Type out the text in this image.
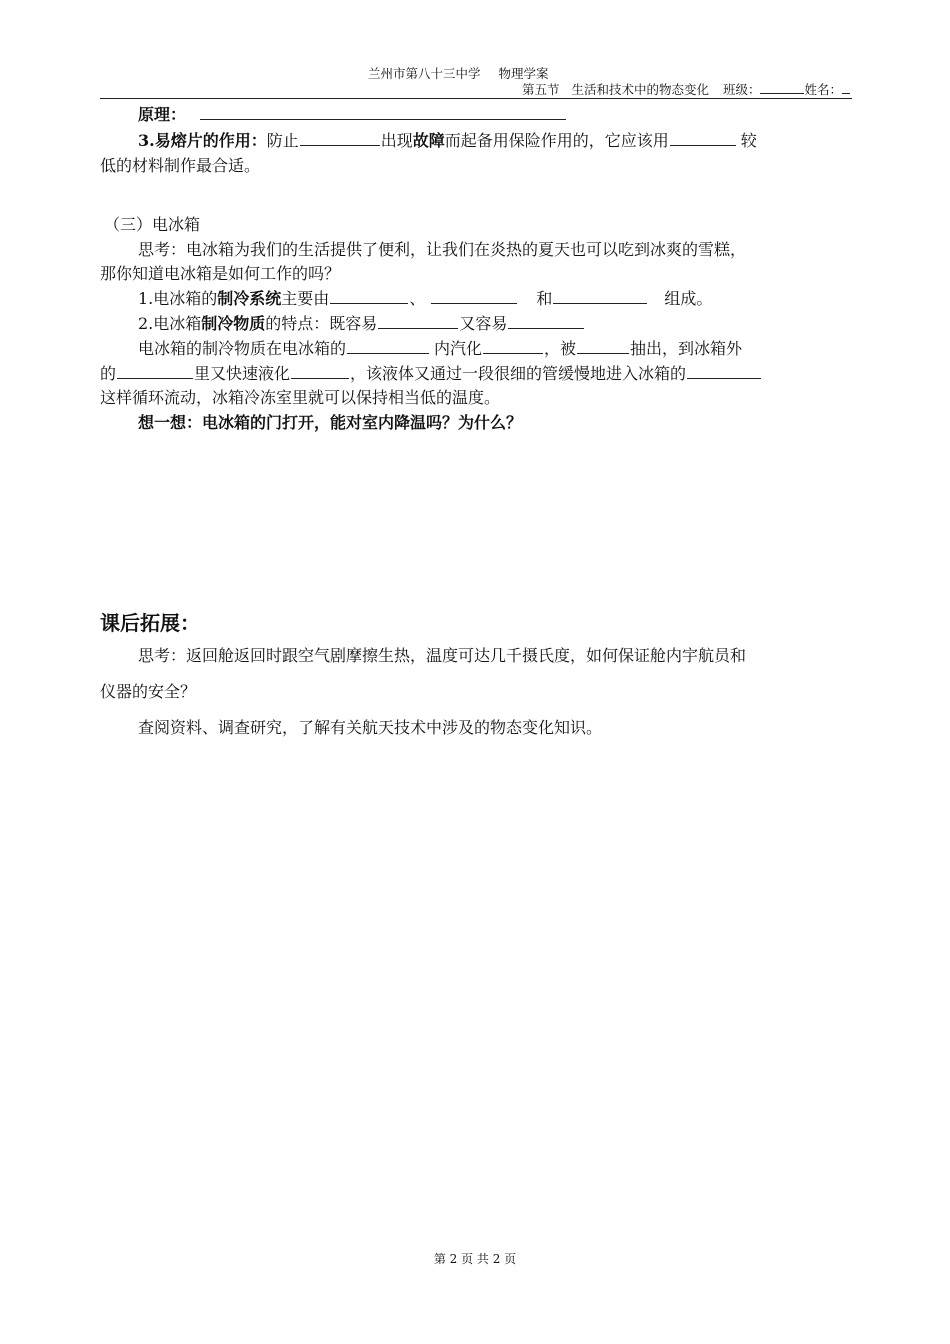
兰州市第八十三中学 物理学案
第五节 生活和技术中的物态变化 班级：	姓名：
原理：
3.易熔片的作用：防止	出现故障而起备用保险作用的，它应该用	较
低的材料制作最合适。
（三）电冰箱
思考：电冰箱为我们的生活提供了便利，让我们在炎热的夏天也可以吃到冰爽的雪糕，
那你知道电冰箱是如何工作的吗？
1.电冰箱的制冷系统主要由	、	和	组成。
2.电冰箱制冷物质的特点：既容易	又容易
电冰箱的制冷物质在电冰箱的	内汽化	，被	抽出，到冰箱外
的	里又快速液化	，该液体又通过一段很细的管缓慢地进入冰箱的
这样循环流动，冰箱冷冻室里就可以保持相当低的温度。
想一想：电冰箱的门打开，能对室内降温吗？为什么？
课后拓展：
思考：返回舱返回时跟空气剧摩擦生热，温度可达几千摄氏度，如何保证舱内宇航员和
仪器的安全？
查阅资料、调查研究，了解有关航天技术中涉及的物态变化知识。
第 2 页 共 2 页
